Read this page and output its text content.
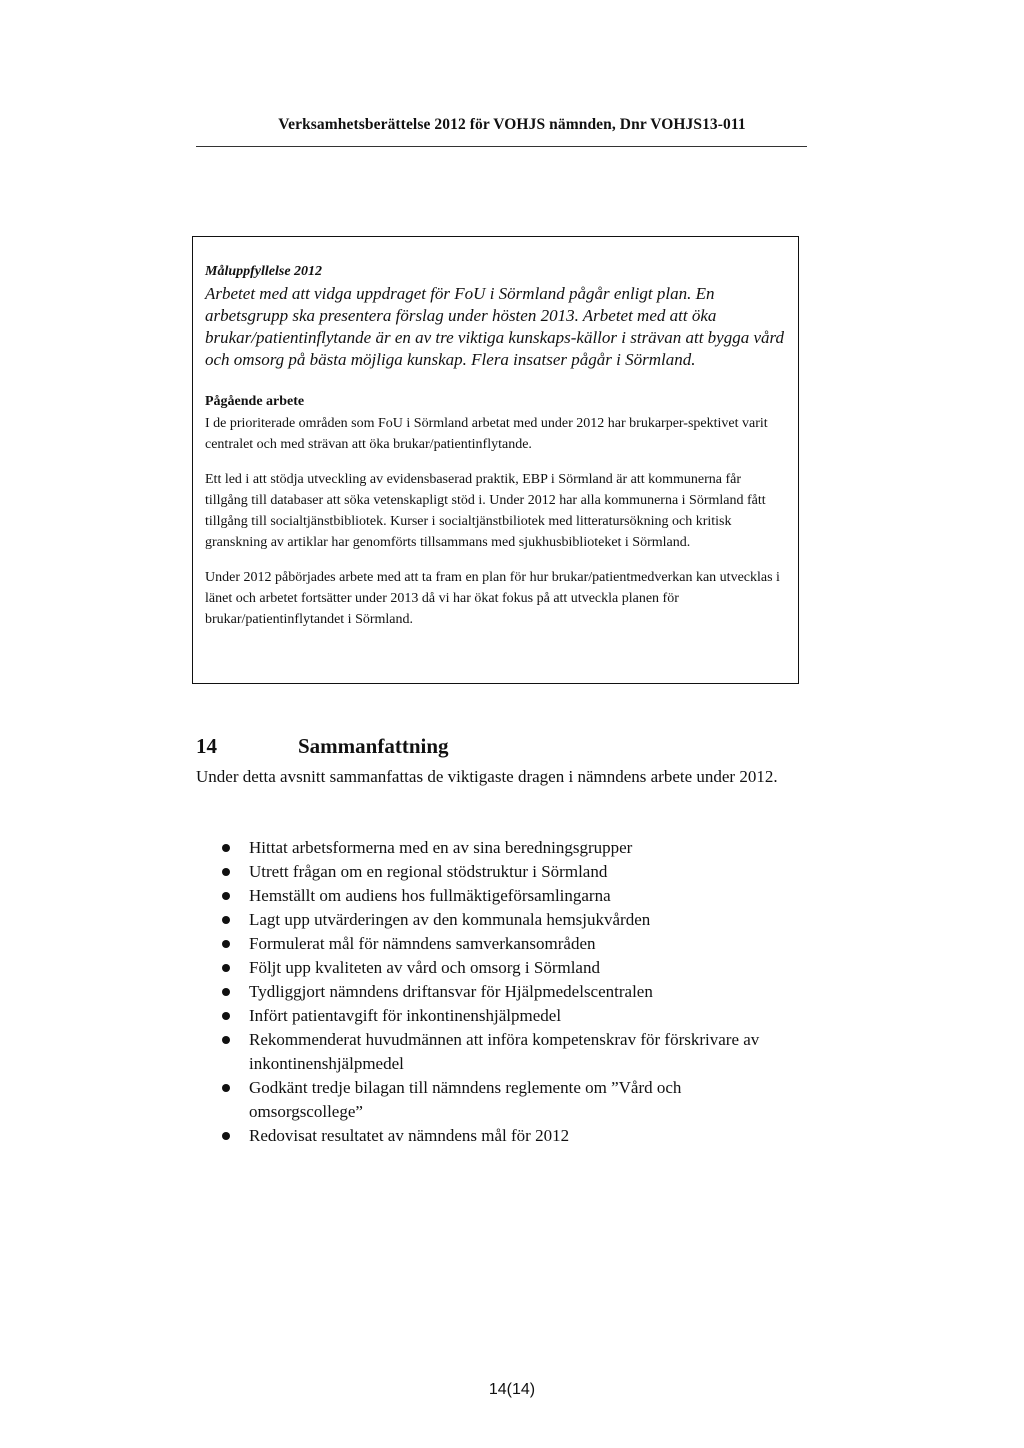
Verksamhetsberättelse 2012 för VOHJS nämnden, Dnr VOHJS13-011
Måluppfyllelse 2012

Arbetet med att vidga uppdraget för FoU i Sörmland pågår enligt plan. En arbetsgrupp ska presentera förslag under hösten 2013. Arbetet med att öka brukar/patientinflytande är en av tre viktiga kunskaps-källor i strävan att bygga vård och omsorg på bästa möjliga kunskap. Flera insatser pågår i Sörmland.

Pågående arbete

I de prioriterade områden som FoU i Sörmland arbetat med under 2012 har brukarper-spektivet varit centralet och med strävan att öka brukar/patientinflytande.

Ett led i att stödja utveckling av evidensbaserad praktik, EBP i Sörmland är att kommunerna får tillgång till databaser att söka vetenskapligt stöd i. Under 2012 har alla kommunerna i Sörmland fått tillgång till socialtjänstbibliotek. Kurser i socialtjänstbiliotek med litteratursökning och kritisk granskning av artiklar har genomförts tillsammans med sjukhusbiblioteket i Sörmland.

Under 2012 påbörjades arbete med att ta fram en plan för hur brukar/patientmedverkan kan utvecklas i länet och arbetet fortsätter under 2013 då vi har ökat fokus på att utveckla planen för brukar/patientinflytandet i Sörmland.

14	Sammanfattning

Under detta avsnitt sammanfattas de viktigaste dragen i nämndens arbete under 2012.

Hittat arbetsformerna med en av sina beredningsgrupper
Utrett frågan om en regional stödstruktur i Sörmland
Hemställt om audiens hos fullmäktigeförsamlingarna
Lagt upp utvärderingen av den kommunala hemsjukvården
Formulerat mål för nämndens samverkansområden
Följt upp kvaliteten av vård och omsorg i Sörmland
Tydliggjort nämndens driftansvar för Hjälpmedelscentralen
Infört patientavgift för inkontinenshjälpmedel
Rekommenderat huvudmännen att införa kompetenskrav för förskrivare av inkontinenshjälpmedel
Godkänt tredje bilagan till nämndens reglemente om ”Vård och omsorgscollege”
Redovisat resultatet av nämndens mål för 2012
14(14)
